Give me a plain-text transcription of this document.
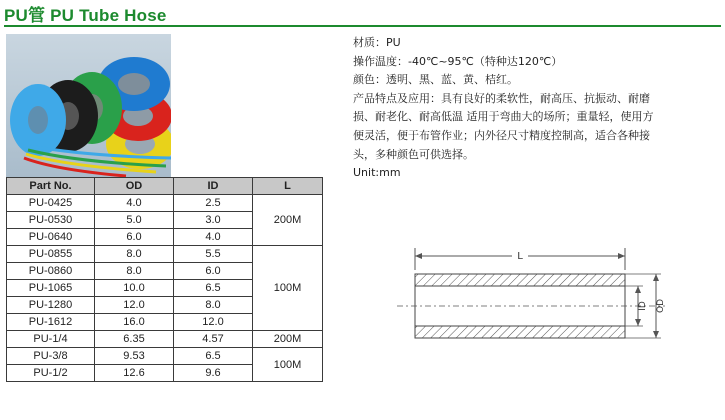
PU管 PU Tube Hose
Part No.	OD	ID	L
PU-0425	4.0	2.5	200M
PU-0530	5.0	3.0	
PU-0640	6.0	4.0	
PU-0855	8.0	5.5	100M
PU-0860	8.0	6.0	
PU-1065	10.0	6.5	
PU-1280	12.0	8.0	
PU-1612	16.0	12.0	
PU-1/4	6.35	4.57	200M
PU-3/8	9.53	6.5	100M
PU-1/2	12.6	9.6	
材质：PU
操作温度：-40℃~95℃（特种达120℃）
颜色：透明、黑、蓝、黄、桔红。
产品特点及应用：具有良好的柔软性，耐高压、抗振动、耐磨损、耐老化、耐高低温 适用于弯曲大的场所；重量轻，使用方便灵活，便于布管作业；内外径尺寸精度控制高，适合各种接头，多种颜色可供选择。
Unit:mm
L
ID OD
